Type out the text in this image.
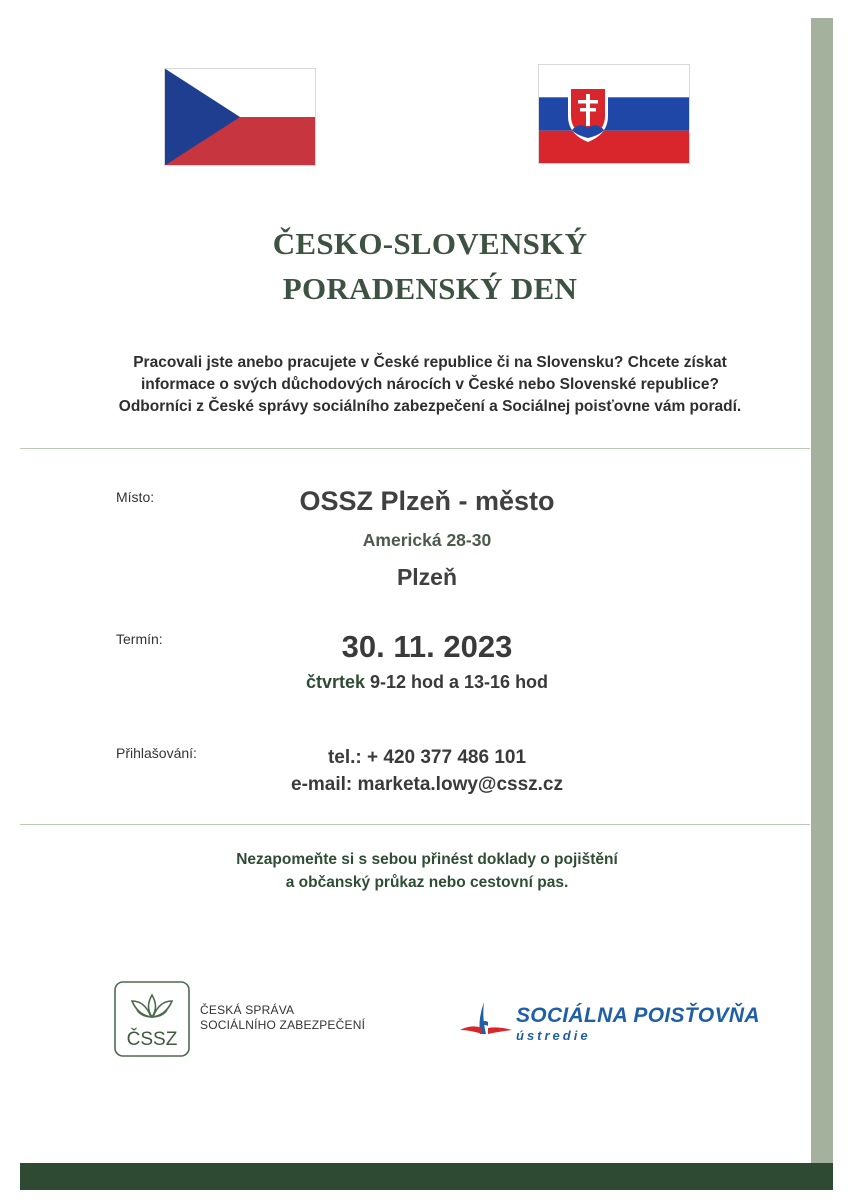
ČESKO-SLOVENSKÝ
PORADENSKÝ DEN
Pracovali jste anebo pracujete v České republice či na Slovensku? Chcete získat
informace o svých důchodových nárocích v České nebo Slovenské republice?
Odborníci z České správy sociálního zabezpečení a Sociálnej poisťovne vám poradí.
Místo:	OSSZ Plzeň - město
Americká 28-30
Plzeň
Termín:	30. 11. 2023
čtvrtek 9-12 hod a 13-16 hod
Přihlašování:	tel.: + 420 377 486 101
e-mail: marketa.lowy@cssz.cz
Nezapomeňte si s sebou přinést doklady o pojištění
a občanský průkaz nebo cestovní pas.
ČSSZ
ČESKÁ SPRÁVA
SOCIÁLNÍHO ZABEZPEČENÍ	SOCIÁLNA POISŤOVŇA
ústredie
